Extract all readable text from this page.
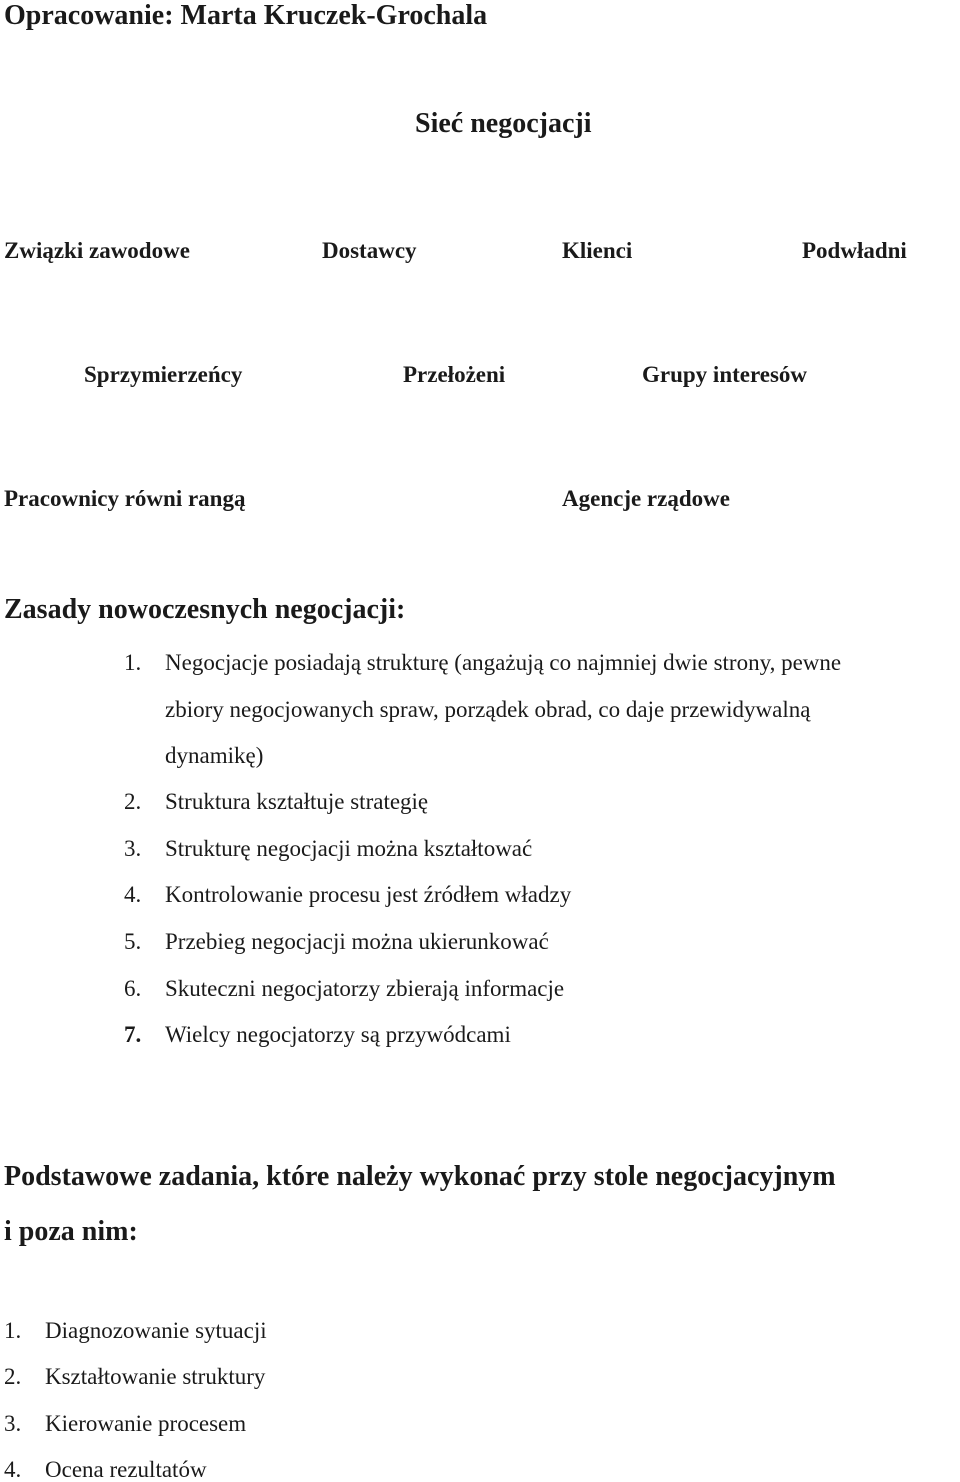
Opracowanie: Marta Kruczek-Grochala
Sieć negocjacji
Związki zawodowe	Dostawcy	Klienci	Podwładni
Sprzymierzeńcy	Przełożeni	Grupy interesów
Pracownicy równi rangą	Agencje rządowe
Zasady nowoczesnych negocjacji:
1.	Negocjacje posiadają strukturę (angażują co najmniej dwie strony, pewne
zbiory negocjowanych spraw, porządek obrad, co daje przewidywalną
dynamikę)
2.	Struktura kształtuje strategię
3.	Strukturę negocjacji można kształtować
4.	Kontrolowanie procesu jest źródłem władzy
5.	Przebieg negocjacji można ukierunkować
6.	Skuteczni negocjatorzy zbierają informacje
7.	Wielcy negocjatorzy są przywódcami
Podstawowe zadania, które należy wykonać przy stole negocjacyjnym
i poza nim:
1.	Diagnozowanie sytuacji
2.	Kształtowanie struktury
3.	Kierowanie procesem
4.	Ocena rezultatów
